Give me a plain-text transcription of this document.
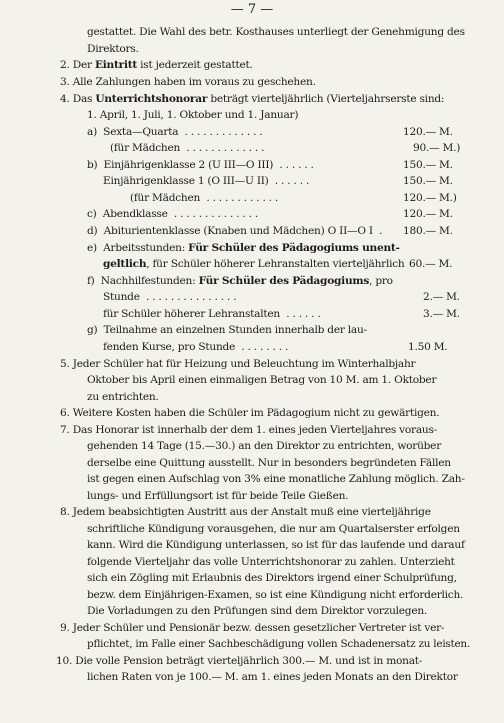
— 7 —
gestattet. Die Wahl des betr. Kosthauses unterliegt der Genehmigung des
Direktors.
2. Der Eintritt ist jederzeit gestattet.
3. Alle Zahlungen haben im voraus zu geschehen.
4. Das Unterrichtshonorar beträgt vierteljährlich (Vierteljahrserste sind:
1. April, 1. Juli, 1. Oktober und 1. Januar)
a)  Sexta—Quarta  . . . . . . . . . . . . .	120.— M.
(für Mädchen  . . . . . . . . . . . . .	90.— M.)
b)  Einjährigenklasse 2 (U III—O III)  . . . . . .	150.— M.
Einjährigenklasse 1 (O III—U II)  . . . . . .	150.— M.
(für Mädchen  . . . . . . . . . . . .	120.— M.)
c)  Abendklasse  . . . . . . . . . . . . . .	120.— M.
d)  Abiturientenklasse (Knaben und Mädchen) O II—O I  . 180.— M.
e)  Arbeitsstunden: Für Schüler des Pädagogiums unent-
geltlich, für Schüler höherer Lehranstalten vierteljährlich 60.— M.
f)  Nachhilfestunden: Für Schüler des Pädagogiums, pro
Stunde  . . . . . . . . . . . . . . .	2.— M.
für Schüler höherer Lehranstalten  . . . . . .	3.— M.
g)  Teilnahme an einzelnen Stunden innerhalb der lau-
fenden Kurse, pro Stunde  . . . . . . . .	1.50 M.
5. Jeder Schüler hat für Heizung und Beleuchtung im Winterhalbjahr
Oktober bis April einen einmaligen Betrag von 10 M. am 1. Oktober
zu entrichten.
6. Weitere Kosten haben die Schüler im Pädagogium nicht zu gewärtigen.
7. Das Honorar ist innerhalb der dem 1. eines jeden Vierteljahres voraus-
gehenden 14 Tage (15.—30.) an den Direktor zu entrichten, worüber
derselbe eine Quittung ausstellt. Nur in besonders begründeten Fällen
ist gegen einen Aufschlag von 3% eine monatliche Zahlung möglich. Zah-
lungs- und Erfüllungsort ist für beide Teile Gießen.
8. Jedem beabsichtigten Austritt aus der Anstalt muß eine vierteljährige
schriftliche Kündigung vorausgehen, die nur am Quartalserster erfolgen
kann. Wird die Kündigung unterlassen, so ist für das laufende und darauf
folgende Vierteljahr das volle Unterrichtshonorar zu zahlen. Unterzieht
sich ein Zögling mit Erlaubnis des Direktors irgend einer Schulprüfung,
bezw. dem Einjährigen-Examen, so ist eine Kündigung nicht erforderlich.
Die Vorladungen zu den Prüfungen sind dem Direktor vorzulegen.
9. Jeder Schüler und Pensionär bezw. dessen gesetzlicher Vertreter ist ver-
pflichtet, im Falle einer Sachbeschädigung vollen Schadenersatz zu leisten.
10. Die volle Pension beträgt vierteljährlich 300.— M. und ist in monat-
lichen Raten von je 100.— M. am 1. eines jeden Monats an den Direktor
